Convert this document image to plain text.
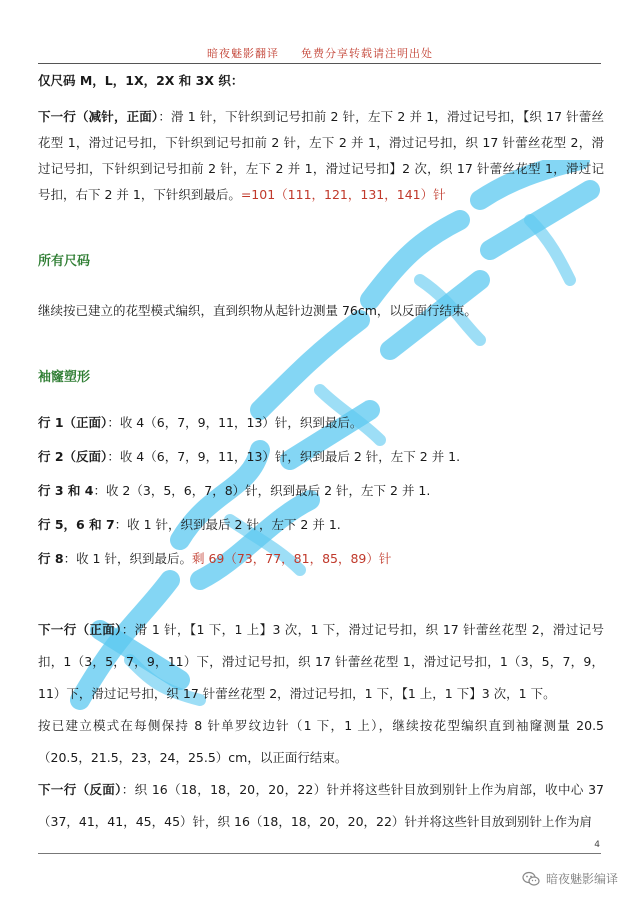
暗夜魅影翻译 免费分享转载请注明出处

仅尺码 M，L，1X，2X 和 3X 织：

下一行（减针，正面）：滑 1 针，下针织到记号扣前 2 针，左下 2 并 1，滑过记号扣，【织 17 针蕾丝花型 1，滑过记号扣，下针织到记号扣前 2 针，左下 2 并 1，滑过记号扣，织 17 针蕾丝花型 2，滑过记号扣，下针织到记号扣前 2 针，左下 2 并 1，滑过记号扣】2 次，织 17 针蕾丝花型 1，滑过记号扣，右下 2 并 1，下针织到最后。=101（111，121，131，141）针

所有尺码

继续按已建立的花型模式编织，直到织物从起针边测量 76cm，以反面行结束。

袖窿塑形

行 1（正面）：收 4（6，7，9，11，13）针，织到最后。

行 2（反面）：收 4（6，7，9，11，13）针，织到最后 2 针，左下 2 并 1.

行 3 和 4：收 2（3，5，6，7，8）针，织到最后 2 针，左下 2 并 1.

行 5，6 和 7：收 1 针，织到最后 2 针，左下 2 并 1.

行 8：收 1 针，织到最后。剩 69（73，77，81，85，89）针

下一行（正面）：滑 1 针，【1 下，1 上】3 次，1 下，滑过记号扣，织 17 针蕾丝花型 2，滑过记号扣，1（3，5，7，9，11）下，滑过记号扣，织 17 针蕾丝花型 1，滑过记号扣，1（3，5，7，9，11）下，滑过记号扣，织 17 针蕾丝花型 2，滑过记号扣，1 下，【1 上，1 下】3 次，1 下。

按已建立模式在每侧保持 8 针单罗纹边针（1 下，1 上），继续按花型编织直到袖窿测量 20.5（20.5，21.5，23，24，25.5）cm，以正面行结束。

下一行（反面）：织 16（18，18，20，20，22）针并将这些针目放到别针上作为肩部，收中心 37（37，41，41，45，45）针，织 16（18，18，20，20，22）针并将这些针目放到别针上作为肩

4
暗夜魅影编译
